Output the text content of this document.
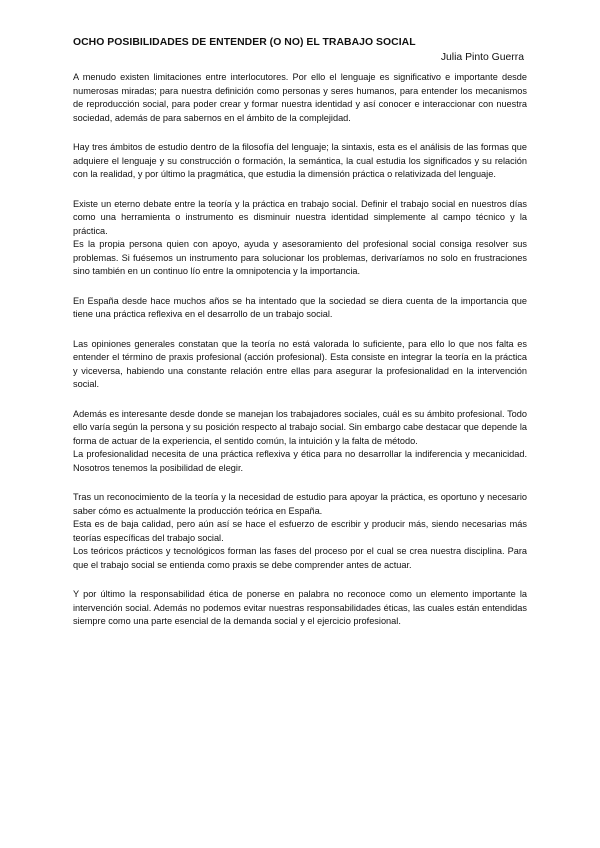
OCHO POSIBILIDADES DE ENTENDER (O NO) EL TRABAJO SOCIAL
Julia Pinto Guerra

A menudo existen limitaciones entre interlocutores. Por ello el lenguaje es significativo e importante desde numerosas miradas; para nuestra definición como personas y seres humanos, para entender los mecanismos de reproducción social, para poder crear y formar nuestra identidad y así conocer e interaccionar con nuestra sociedad, además de para sabernos en el ámbito de la complejidad.

Hay tres ámbitos de estudio dentro de la filosofía del lenguaje; la sintaxis, esta es el análisis de las formas que adquiere el lenguaje y su construcción o formación, la semántica, la cual estudia los significados y su relación con la realidad, y por último la pragmática, que estudia la dimensión práctica o relativizada del lenguaje.

Existe un eterno debate entre la teoría y la práctica en trabajo social. Definir el trabajo social en nuestros días como una herramienta o instrumento es disminuir nuestra identidad simplemente al campo técnico y la práctica.
Es la propia persona quien con apoyo, ayuda y asesoramiento del profesional social consiga resolver sus problemas. Si fuésemos un instrumento para solucionar los problemas, derivaríamos no solo en frustraciones sino también en un continuo lío entre la omnipotencia y la importancia.

En España desde hace muchos años se ha intentado que la sociedad se diera cuenta de la importancia que tiene una práctica reflexiva en el desarrollo de un trabajo social.

Las opiniones generales constatan que la teoría no está valorada lo suficiente, para ello lo que nos falta es entender el término de praxis profesional (acción profesional). Esta consiste en integrar la teoría en la práctica y viceversa, habiendo una constante relación entre ellas para asegurar la profesionalidad en la intervención social.

Además es interesante desde donde se manejan los trabajadores sociales, cuál es su ámbito profesional. Todo ello varía según la persona y su posición respecto al trabajo social. Sin embargo cabe destacar que depende la forma de actuar de la experiencia, el sentido común, la intuición y la falta de método.
La profesionalidad necesita de una práctica reflexiva y ética para no desarrollar la indiferencia y mecanicidad. Nosotros tenemos la posibilidad de elegir.

Tras un reconocimiento de la teoría y la necesidad de estudio para apoyar la práctica, es oportuno y necesario saber cómo es actualmente la producción teórica en España.
Esta es de baja calidad, pero aún así se hace el esfuerzo de escribir y producir más, siendo necesarias más teorías específicas del trabajo social.
Los teóricos prácticos y tecnológicos forman las fases del proceso por el cual se crea nuestra disciplina. Para que el trabajo social se entienda como praxis se debe comprender antes de actuar.

Y por último la responsabilidad ética de ponerse en palabra no reconoce como un elemento importante la intervención social. Además no podemos evitar nuestras responsabilidades éticas, las cuales están entendidas siempre como una parte esencial de la demanda social y el ejercicio profesional.
